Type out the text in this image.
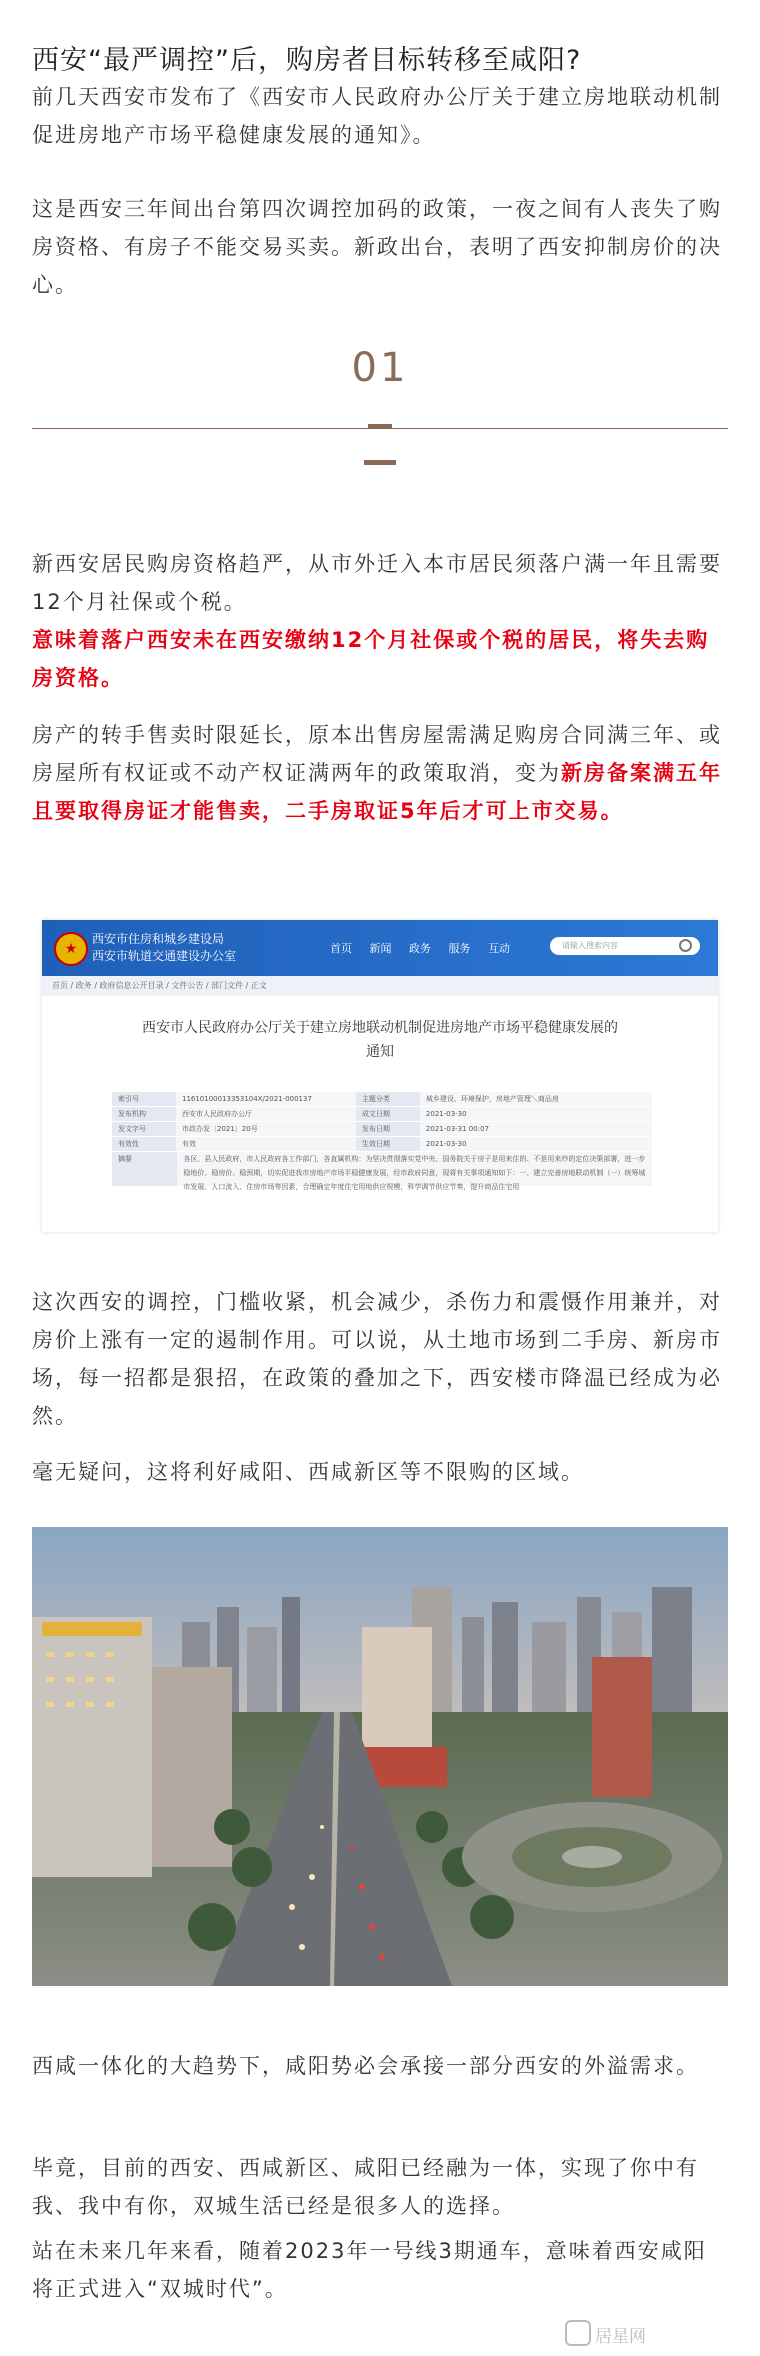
西安“最严调控”后，购房者目标转移至咸阳?

前几天西安市发布了《西安市人民政府办公厅关于建立房地联动机制促进房地产市场平稳健康发展的通知》。

这是西安三年间出台第四次调控加码的政策，一夜之间有人丧失了购房资格、有房子不能交易买卖。新政出台，表明了西安抑制房价的决心。

01

新西安居民购房资格趋严，从市外迁入本市居民须落户满一年且需要12个月社保或个税。

意味着落户西安未在西安缴纳12个月社保或个税的居民，将失去购房资格。

房产的转手售卖时限延长，原本出售房屋需满足购房合同满三年、或房屋所有权证或不动产权证满两年的政策取消，变为新房备案满五年且要取得房证才能售卖，二手房取证5年后才可上市交易。

★
西安市住房和城乡建设局
西安市轨道交通建设办公室
首页 新闻 政务 服务 互动	请输入搜索内容
首页 / 政务 / 政府信息公开目录 / 文件公告 / 部门文件 / 正文
西安市人民政府办公厅关于建立房地联动机制促进房地产市场平稳健康发展的
通知
索引号	11610100013353104X/2021-000137	主题分类	城乡建设、环境保护，房地产管理＼商品房
发布机构	西安市人民政府办公厅	成文日期	2021-03-30
发文字号	市政办发〔2021〕20号	发布日期	2021-03-31 00:07
有效性	有效	生效日期	2021-03-30
摘要	各区、县人民政府，市人民政府各工作部门，各直属机构：为坚决贯彻落实党中央、国务院关于房子是用来住的、不是用来炒的定位决策部署，进一步稳地价、稳房价、稳预期，切实促进我市房地产市场平稳健康发展，经市政府同意，现将有关事项通知如下：一、建立完善房地联动机制（一）统筹城市发展、人口流入、住房市场等因素，合理确定年度住宅用地供应规模，科学调节供应节奏，提升商品住宅用

这次西安的调控，门槛收紧，机会减少，杀伤力和震慑作用兼并，对房价上涨有一定的遏制作用。可以说，从土地市场到二手房、新房市场，每一招都是狠招，在政策的叠加之下，西安楼市降温已经成为必然。

毫无疑问，这将利好咸阳、西咸新区等不限购的区域。

西咸一体化的大趋势下，咸阳势必会承接一部分西安的外溢需求。

毕竟，目前的西安、西咸新区、咸阳已经融为一体，实现了你中有我、我中有你，双城生活已经是很多人的选择。

站在未来几年来看，随着2023年一号线3期通车，意味着西安咸阳将正式进入“双城时代”。

居星网
